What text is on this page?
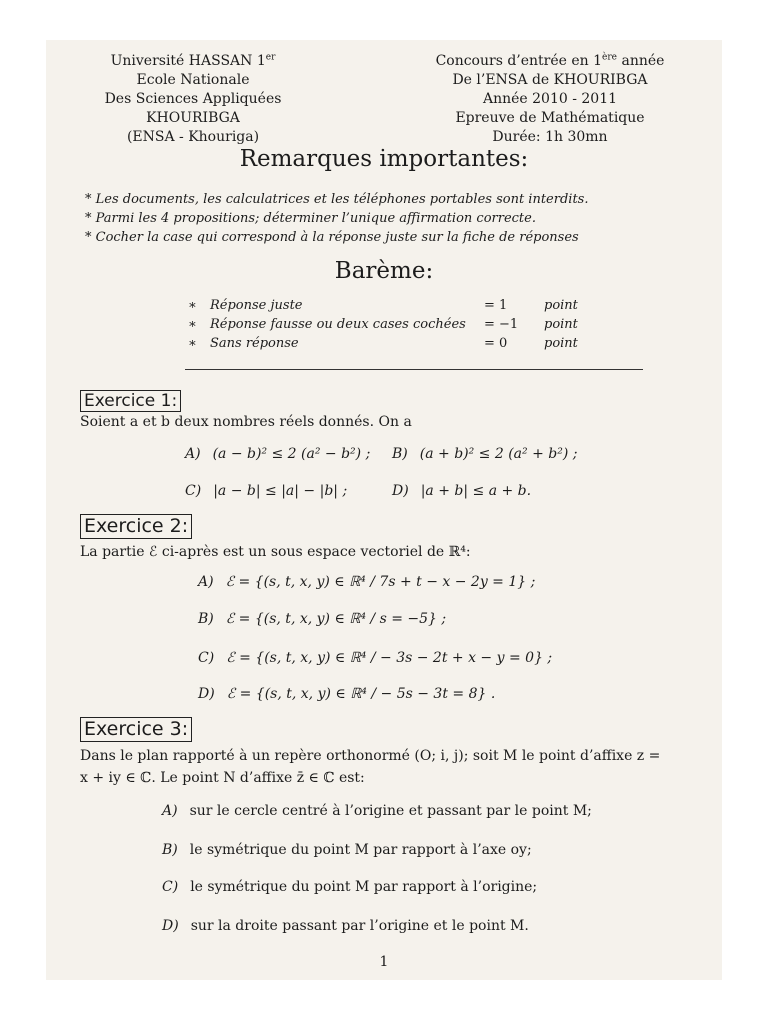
Université HASSAN 1er
Ecole Nationale
Des Sciences Appliquées
KHOURIBGA
(ENSA - Khouriga)
Concours d’entrée en 1ère année
De l’ENSA de KHOURIBGA
Année 2010 - 2011
Epreuve de Mathématique
Durée: 1h 30mn
Remarques importantes:
* Les documents, les calculatrices et les téléphones portables sont interdits.
* Parmi les 4 propositions; déterminer l’unique affirmation correcte.
* Cocher la case qui correspond à la réponse juste sur la fiche de réponses
Barème:
∗ Réponse juste	= 1	point
∗ Réponse fausse ou deux cases cochées = −1 point
∗ Sans réponse	= 0	point
Exercice 1:
Soient a et b deux nombres réels donnés. On a
A) (a − b)² ≤ 2 (a² − b²) ; B) (a + b)² ≤ 2 (a² + b²) ;
C) |a − b| ≤ |a| − |b| ;	D) |a + b| ≤ a + b.
Exercice 2:
La partie ℰ ci-après est un sous espace vectoriel de ℝ⁴:
A) ℰ = {(s, t, x, y) ∈ ℝ⁴ / 7s + t − x − 2y = 1} ;
B) ℰ = {(s, t, x, y) ∈ ℝ⁴ / s = −5} ;
C) ℰ = {(s, t, x, y) ∈ ℝ⁴ / − 3s − 2t + x − y = 0} ;
D) ℰ = {(s, t, x, y) ∈ ℝ⁴ / − 5s − 3t = 8} .
Exercice 3:
Dans le plan rapporté à un repère orthonormé (O; i, j); soit M le point d’affixe z =
x + iy ∈ ℂ. Le point N d’affixe z̄ ∈ ℂ est:
A) sur le cercle centré à l’origine et passant par le point M;
B) le symétrique du point M par rapport à l’axe oy;
C) le symétrique du point M par rapport à l’origine;
D) sur la droite passant par l’origine et le point M.
1
